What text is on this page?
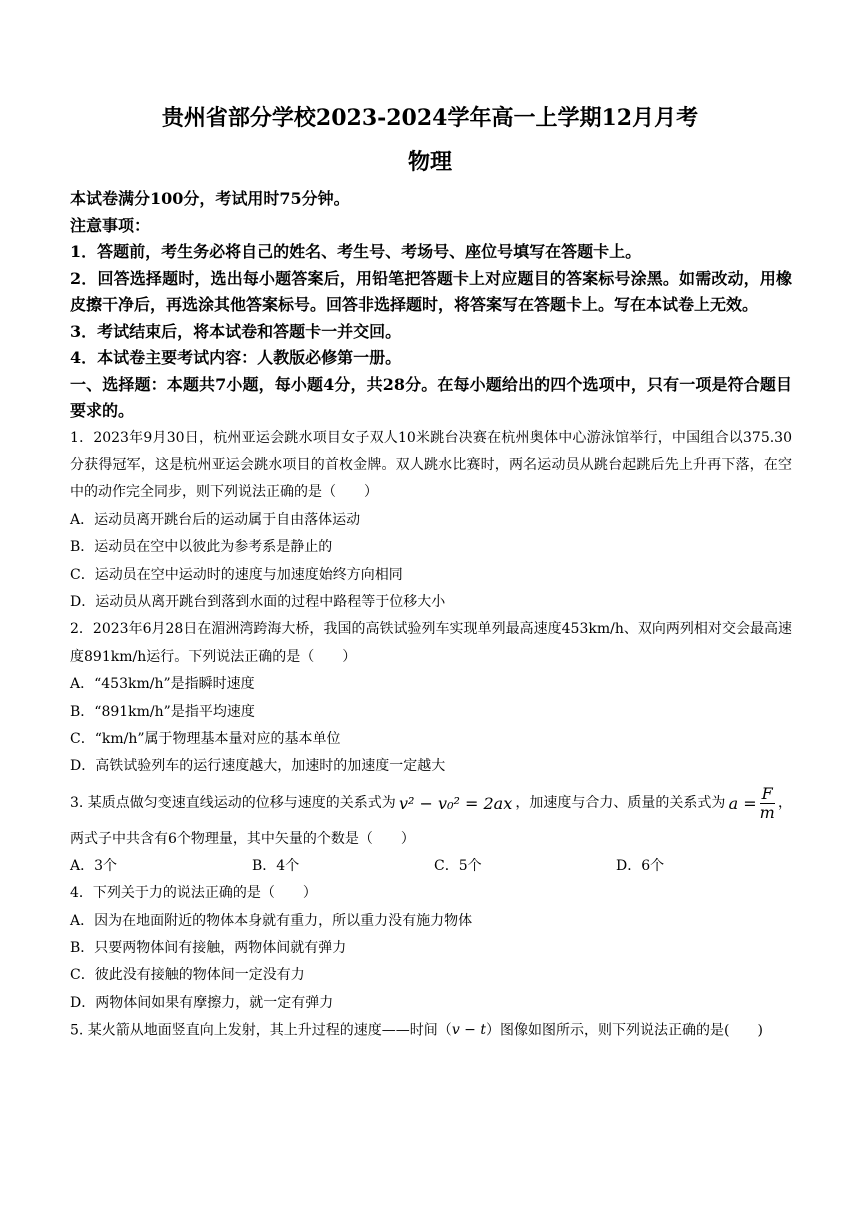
贵州省部分学校2023-2024学年高一上学期12月月考
物理

本试卷满分100分，考试用时75分钟。

注意事项：

1．答题前，考生务必将自己的姓名、考生号、考场号、座位号填写在答题卡上。

2．回答选择题时，选出每小题答案后，用铅笔把答题卡上对应题目的答案标号涂黑。如需改动，用橡皮擦干净后，再选涂其他答案标号。回答非选择题时，将答案写在答题卡上。写在本试卷上无效。

3．考试结束后，将本试卷和答题卡一并交回。

4．本试卷主要考试内容：人教版必修第一册。

一、选择题：本题共7小题，每小题4分，共28分。在每小题给出的四个选项中，只有一项是符合题目要求的。

1．2023年9月30日，杭州亚运会跳水项目女子双人10米跳台决赛在杭州奥体中心游泳馆举行，中国组合以375.30分获得冠军，这是杭州亚运会跳水项目的首枚金牌。双人跳水比赛时，两名运动员从跳台起跳后先上升再下落，在空中的动作完全同步，则下列说法正确的是（　　）

A．运动员离开跳台后的运动属于自由落体运动

B．运动员在空中以彼此为参考系是静止的

C．运动员在空中运动时的速度与加速度始终方向相同

D．运动员从离开跳台到落到水面的过程中路程等于位移大小

2．2023年6月28日在湄洲湾跨海大桥，我国的高铁试验列车实现单列最高速度453km/h、双向两列相对交会最高速度891km/h运行。下列说法正确的是（　　）

A．“453km/h”是指瞬时速度

B．“891km/h”是指平均速度

C．“km/h”属于物理基本量对应的基本单位

D．高铁试验列车的运行速度越大，加速时的加速度一定越大

3. 某质点做匀变速直线运动的位移与速度的关系式为 v² − v₀² = 2ax ，加速度与合力、质量的关系式为 $a = \frac{F}{m}$ ，

两式子中共含有6个物理量，其中矢量的个数是（　　）

A．3个	B．4个	C．5个	D．6个

4．下列关于力的说法正确的是（　　）

A．因为在地面附近的物体本身就有重力，所以重力没有施力物体

B．只要两物体间有接触，两物体间就有弹力

C．彼此没有接触的物体间一定没有力

D．两物体间如果有摩擦力，就一定有弹力

5. 某火箭从地面竖直向上发射，其上升过程的速度——时间（v − t）图像如图所示，则下列说法正确的是(　　)
